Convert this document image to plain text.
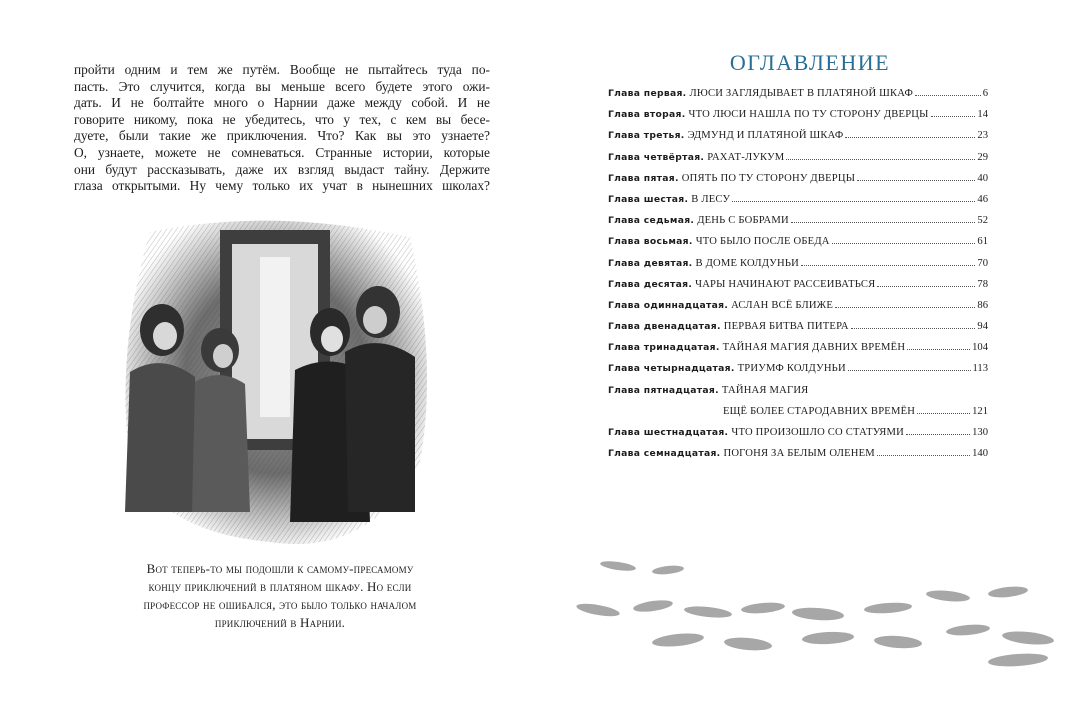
пройти одним и тем же путём. Вообще не пытайтесь туда по-
пасть. Это случится, когда вы меньше всего будете этого ожи-
дать. И не болтайте много о Нарнии даже между собой. И не
говорите никому, пока не убедитесь, что у тех, с кем вы бесе-
дуете, были такие же приключения. Что? Как вы это узнаете?
О, узнаете, можете не сомневаться. Странные истории, которые
они будут рассказывать, даже их взгляд выдаст тайну. Держите
глаза открытыми. Ну чему только их учат в нынешних школах?
Вот теперь-то мы подошли к самому-пресамому
концу приключений в платяном шкафу. Но если
профессор не ошибался, это было только началом
приключений в Нарнии.
ОГЛАВЛЕНИЕ
Глава первая. ЛЮСИ ЗАГЛЯДЫВАЕТ В ПЛАТЯНОЙ ШКАФ	6
Глава вторая. ЧТО ЛЮСИ НАШЛА ПО ТУ СТОРОНУ ДВЕРЦЫ	14
Глава третья. ЭДМУНД И ПЛАТЯНОЙ ШКАФ	23
Глава четвёртая. РАХАТ-ЛУКУМ	29
Глава пятая. ОПЯТЬ ПО ТУ СТОРОНУ ДВЕРЦЫ	40
Глава шестая. В ЛЕСУ	46
Глава седьмая. ДЕНЬ С БОБРАМИ	52
Глава восьмая. ЧТО БЫЛО ПОСЛЕ ОБЕДА	61
Глава девятая. В ДОМЕ КОЛДУНЬИ	70
Глава десятая. ЧАРЫ НАЧИНАЮТ РАССЕИВАТЬСЯ	78
Глава одиннадцатая. АСЛАН ВСЁ БЛИЖЕ	86
Глава двенадцатая. ПЕРВАЯ БИТВА ПИТЕРА	94
Глава тринадцатая. ТАЙНАЯ МАГИЯ ДАВНИХ ВРЕМЁН	104
Глава четырнадцатая. ТРИУМФ КОЛДУНЬИ	113
Глава пятнадцатая. ТАЙНАЯ МАГИЯ
ЕЩЁ БОЛЕЕ СТАРОДАВНИХ ВРЕМЁН	121
Глава шестнадцатая. ЧТО ПРОИЗОШЛО СО СТАТУЯМИ	130
Глава семнадцатая. ПОГОНЯ ЗА БЕЛЫМ ОЛЕНЕМ	140
